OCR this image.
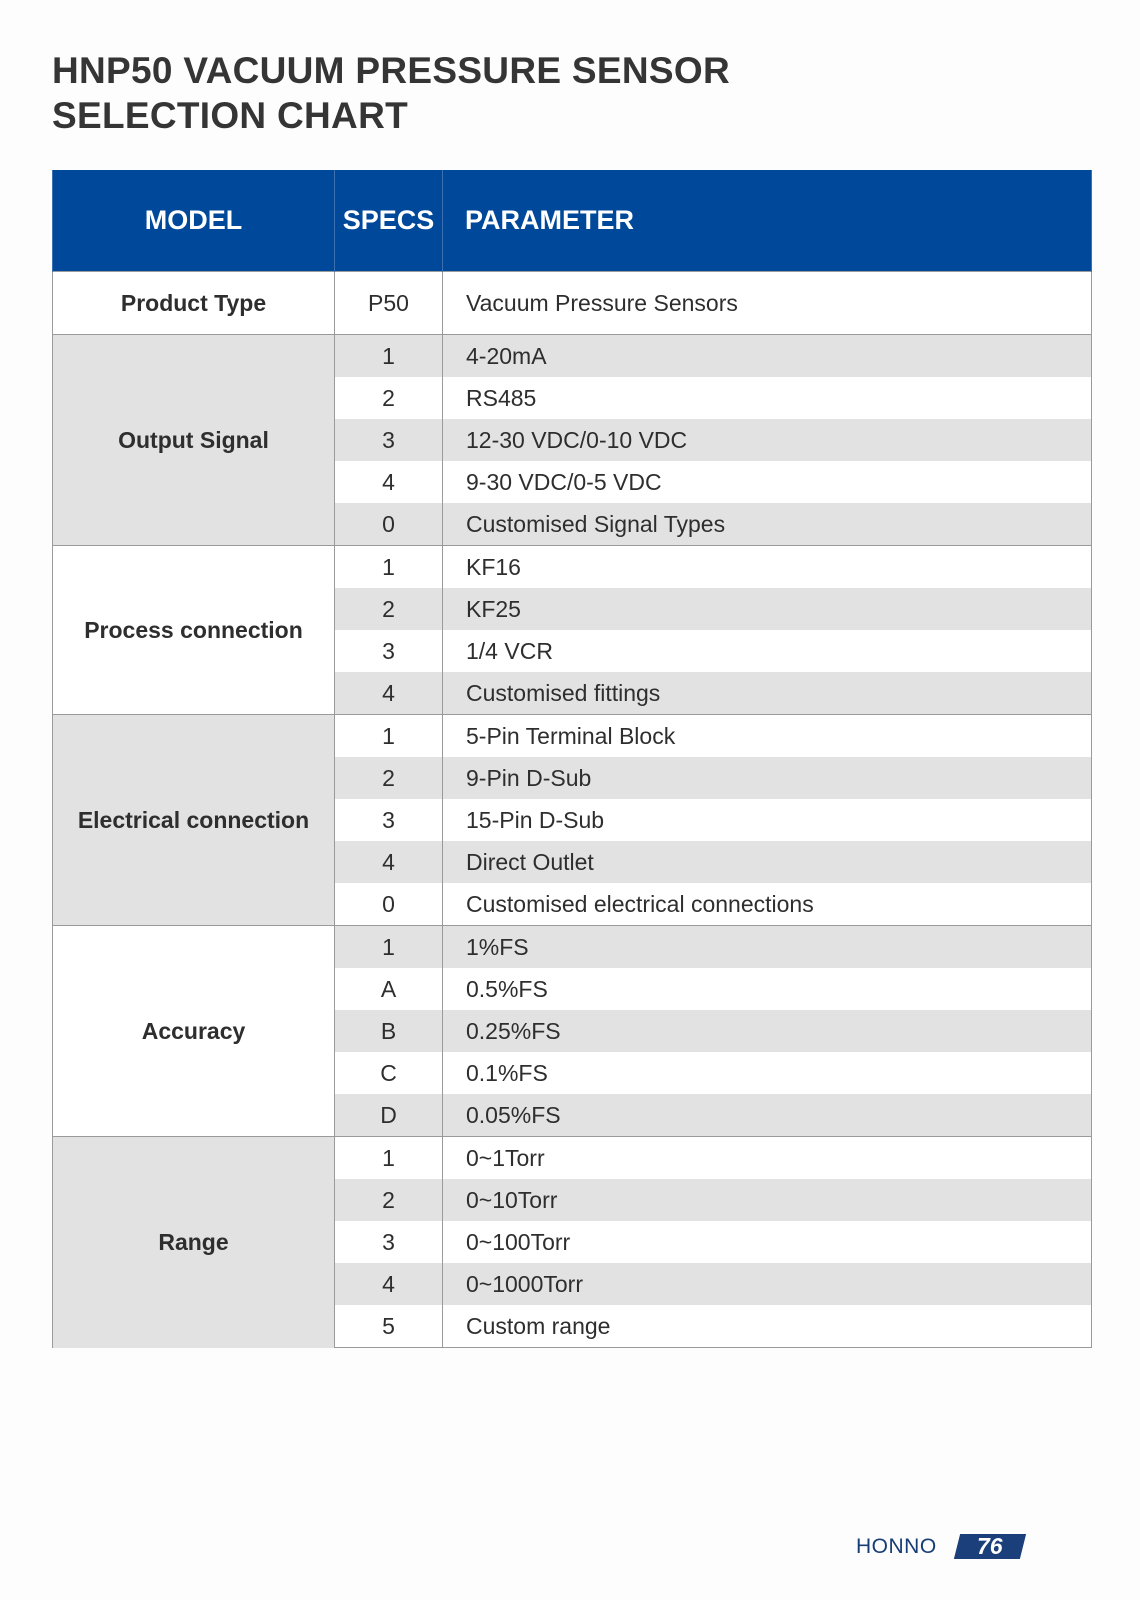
HNP50 VACUUM PRESSURE SENSOR
SELECTION CHART
MODEL	SPECS	PARAMETER
Product Type	P50	Vacuum Pressure Sensors
Output Signal	1	4-20mA
	2	RS485
	3	12-30 VDC/0-10 VDC
	4	9-30 VDC/0-5 VDC
	0	Customised Signal Types
Process connection	1	KF16
	2	KF25
	3	1/4 VCR
	4	Customised fittings
Electrical connection	1	5-Pin Terminal Block
	2	9-Pin D-Sub
	3	15-Pin D-Sub
	4	Direct Outlet
	0	Customised electrical connections
Accuracy	1	1%FS
	A	0.5%FS
	B	0.25%FS
	C	0.1%FS
	D	0.05%FS
Range	1	0~1Torr
	2	0~10Torr
	3	0~100Torr
	4	0~1000Torr
	5	Custom range
HONNO 76
